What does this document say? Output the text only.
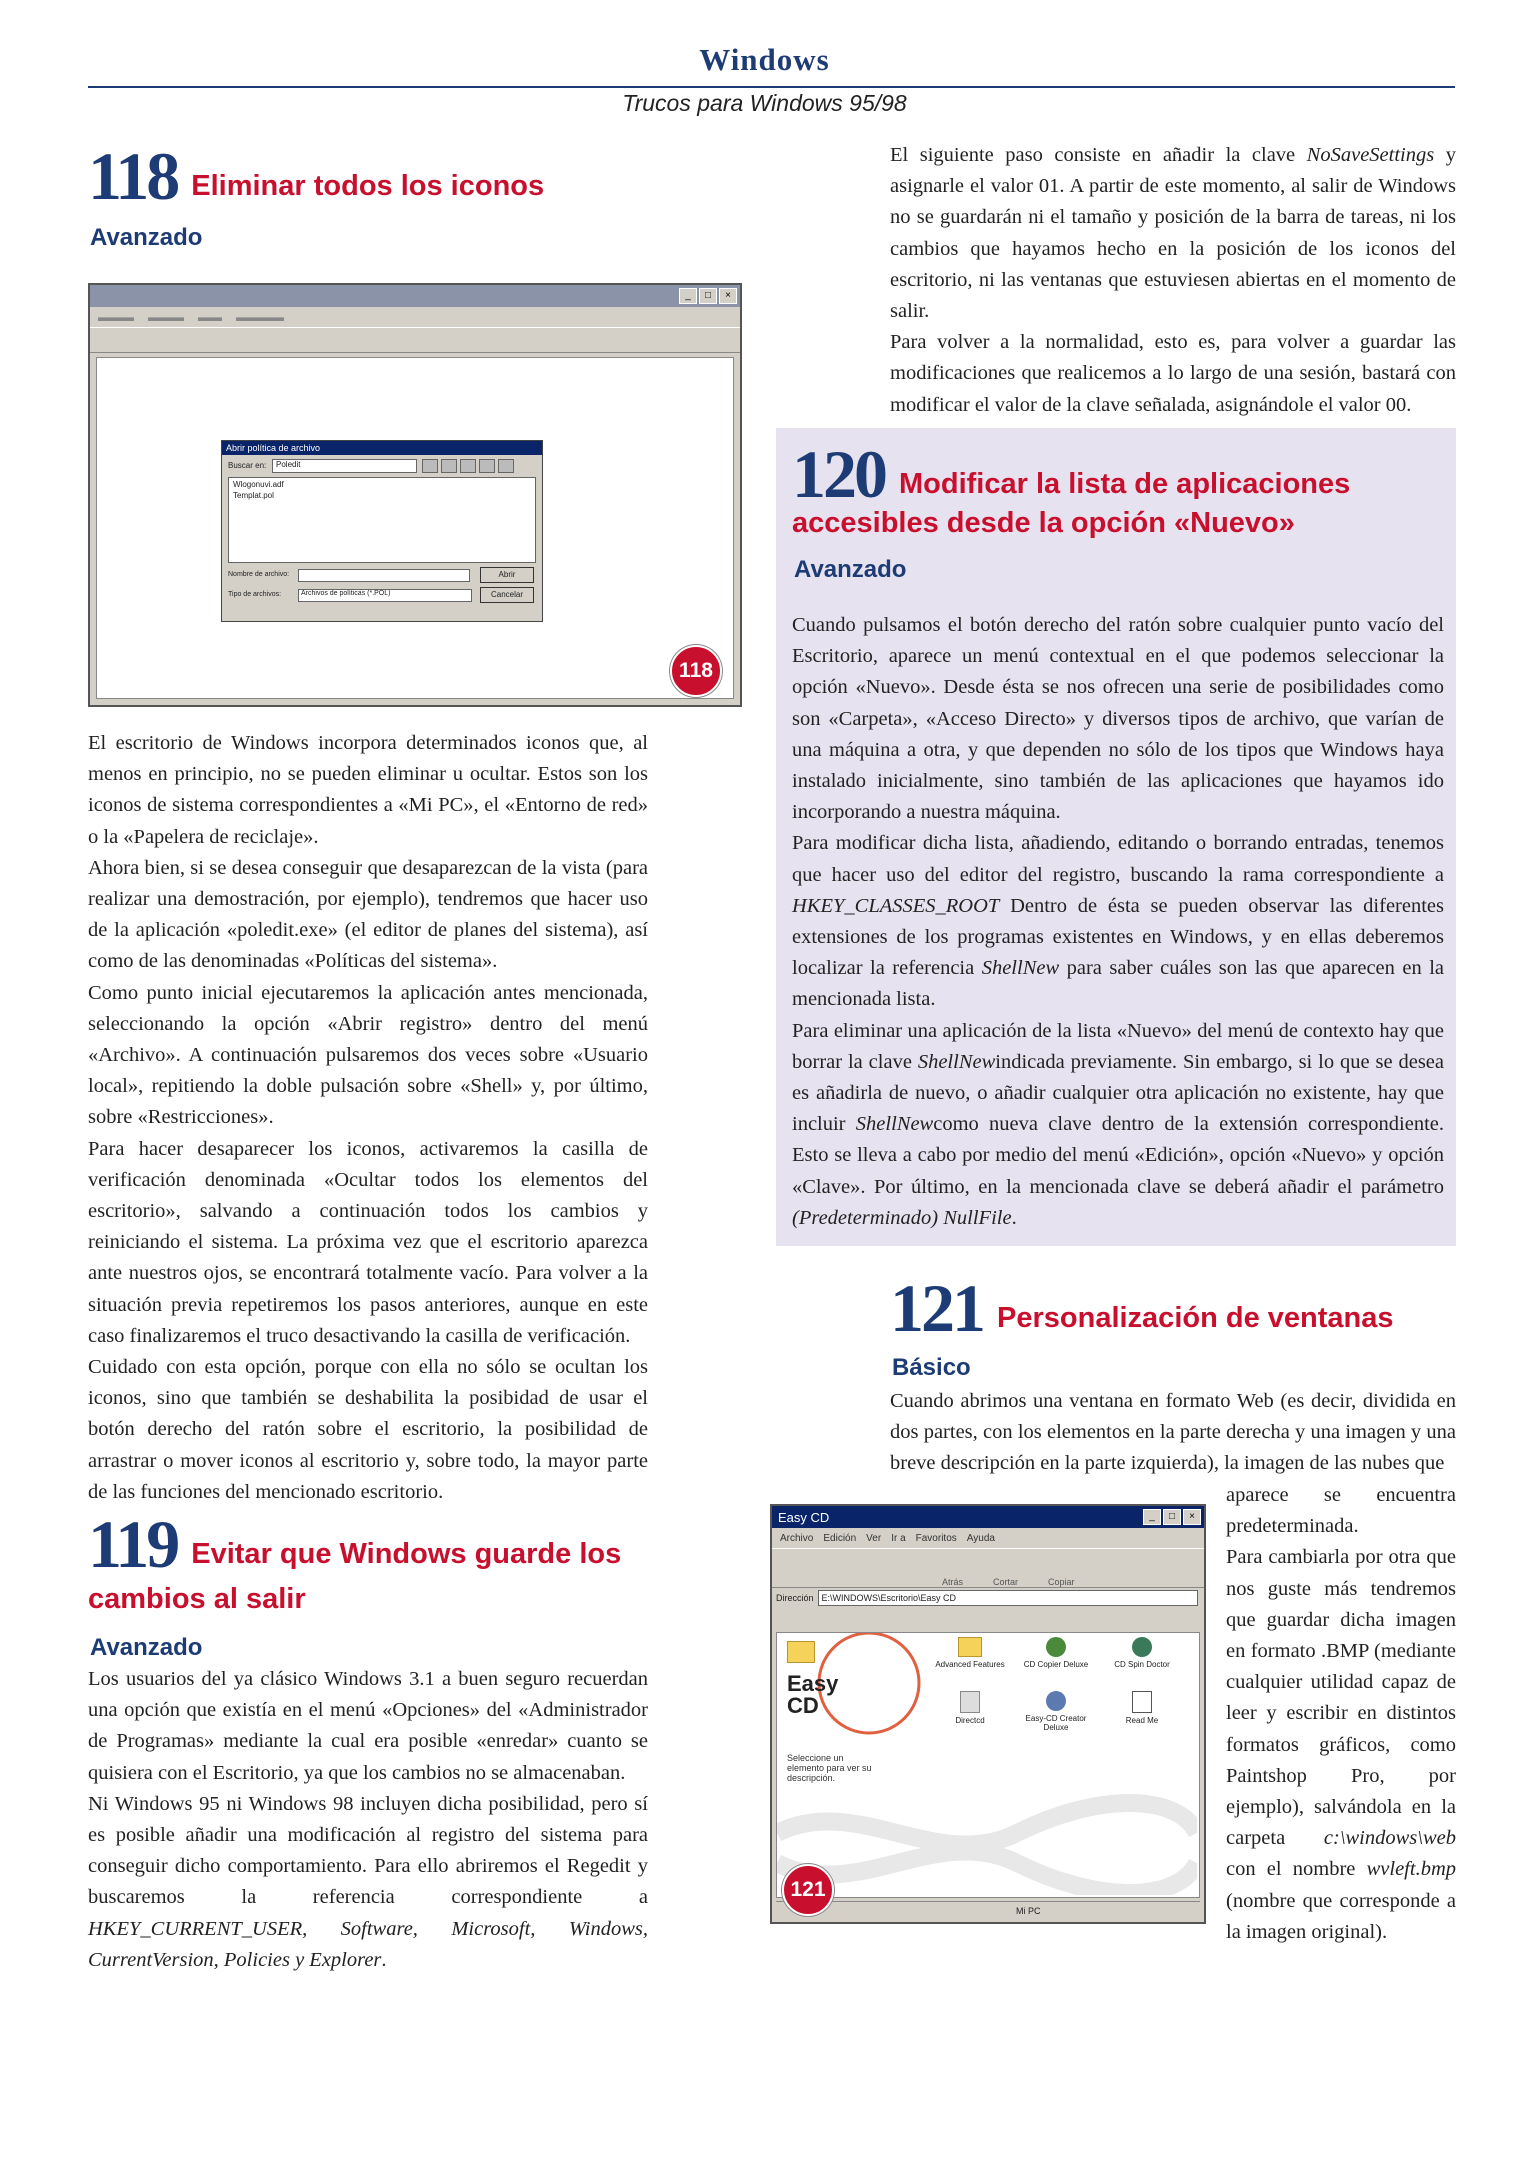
Windows
Trucos para Windows 95/98
118 Eliminar todos los iconos
Avanzado
_	□	×
▬▬▬ ▬▬▬ ▬▬ ▬▬▬▬
Abrir política de archivo
Buscar en:	Poledit
Wlogonuvi.adf
Templat.pol
Nombre de archivo:
Tipo de archivos:	Archivos de políticas (*.POL)
Abrir
Cancelar
118

El escritorio de Windows incorpora determinados iconos que, al menos en principio, no se pueden eliminar u ocultar. Estos son los iconos de sistema correspondientes a «Mi PC», el «Entorno de red» o la «Papelera de reciclaje».

Ahora bien, si se desea conseguir que desaparezcan de la vista (para realizar una demostración, por ejemplo), tendremos que hacer uso de la aplicación «poledit.exe» (el editor de planes del sistema), así como de las denominadas «Políticas del sistema».

Como punto inicial ejecutaremos la aplicación antes mencionada, seleccionando la opción «Abrir registro» dentro del menú «Archivo». A continuación pulsaremos dos veces sobre «Usuario local», repitiendo la doble pulsación sobre «Shell» y, por último, sobre «Restricciones».

Para hacer desaparecer los iconos, activaremos la casilla de verificación denominada «Ocultar todos los elementos del escritorio», salvando a continuación todos los cambios y reiniciando el sistema. La próxima vez que el escritorio aparezca ante nuestros ojos, se encontrará totalmente vacío. Para volver a la situación previa repetiremos los pasos anteriores, aunque en este caso finalizaremos el truco desactivando la casilla de verificación.

Cuidado con esta opción, porque con ella no sólo se ocultan los iconos, sino que también se deshabilita la posibidad de usar el botón derecho del ratón sobre el escritorio, la posibilidad de arrastrar o mover iconos al escritorio y, sobre todo, la mayor parte de las funciones del mencionado escritorio.

119 Evitar que Windows guarde los
cambios al salir
Avanzado

Los usuarios del ya clásico Windows 3.1 a buen seguro recuerdan una opción que existía en el menú «Opciones» del «Administrador de Programas» mediante la cual era posible «enredar» cuanto se quisiera con el Escritorio, ya que los cambios no se almacenaban.

Ni Windows 95 ni Windows 98 incluyen dicha posibilidad, pero sí es posible añadir una modificación al registro del sistema para conseguir dicho comportamiento. Para ello abriremos el Regedit y buscaremos la referencia correspondiente a HKEY_CURRENT_USER, Software, Microsoft, Windows, CurrentVersion, Policies y Explorer.

El siguiente paso consiste en añadir la clave NoSaveSettings y asignarle el valor 01. A partir de este momento, al salir de Windows no se guardarán ni el tamaño y posición de la barra de tareas, ni los cambios que hayamos hecho en la posición de los iconos del escritorio, ni las ventanas que estuviesen abiertas en el momento de salir.

Para volver a la normalidad, esto es, para volver a guardar las modificaciones que realicemos a lo largo de una sesión, bastará con modificar el valor de la clave señalada, asignándole el valor 00.

120 Modificar la lista de aplicaciones
accesibles desde la opción «Nuevo»
Avanzado

Cuando pulsamos el botón derecho del ratón sobre cualquier punto vacío del Escritorio, aparece un menú contextual en el que podemos seleccionar la opción «Nuevo». Desde ésta se nos ofrecen una serie de posibilidades como son «Carpeta», «Acceso Directo» y diversos tipos de archivo, que varían de una máquina a otra, y que dependen no sólo de los tipos que Windows haya instalado inicialmente, sino también de las aplicaciones que hayamos ido incorporando a nuestra máquina.

Para modificar dicha lista, añadiendo, editando o borrando entradas, tenemos que hacer uso del editor del registro, buscando la rama correspondiente a HKEY_CLASSES_ROOT Dentro de ésta se pueden observar las diferentes extensiones de los programas existentes en Windows, y en ellas deberemos localizar la referencia ShellNew para saber cuáles son las que aparecen en la mencionada lista.

Para eliminar una aplicación de la lista «Nuevo» del menú de contexto hay que borrar la clave ShellNewindicada previamente. Sin embargo, si lo que se desea es añadirla de nuevo, o añadir cualquier otra aplicación no existente, hay que incluir ShellNewcomo nueva clave dentro de la extensión correspondiente. Esto se lleva a cabo por medio del menú «Edición», opción «Nuevo» y opción «Clave». Por último, en la mencionada clave se deberá añadir el parámetro (Predeterminado) NullFile.

121 Personalización de ventanas
Básico

Cuando abrimos una ventana en formato Web (es decir, dividida en dos partes, con los elementos en la parte derecha y una imagen y una breve descripción en la parte izquierda), la imagen de las nubes que

aparece se encuentra predeterminada.

Para cambiarla por otra que nos guste más tendremos que guardar dicha imagen en formato .BMP (mediante cualquier utilidad capaz de leer y escribir en distintos formatos gráficos, como Paintshop Pro, por ejemplo), salvándola en la carpeta c:\windows\web con el nombre wvleft.bmp (nombre que corresponde a la imagen original).

Easy CD	_	□	×
Archivo Edición Ver Ir a Favoritos Ayuda
Atrás	Cortar	Copiar
Dirección E:\WINDOWS\Escritorio\Easy CD
Easy CD
Seleccione un elemento para ver su descripción.
Advanced Features	CD Copier Deluxe	CD Spin Doctor
Directcd	Easy-CD Creator Deluxe
Read Me
Mi PC
121
